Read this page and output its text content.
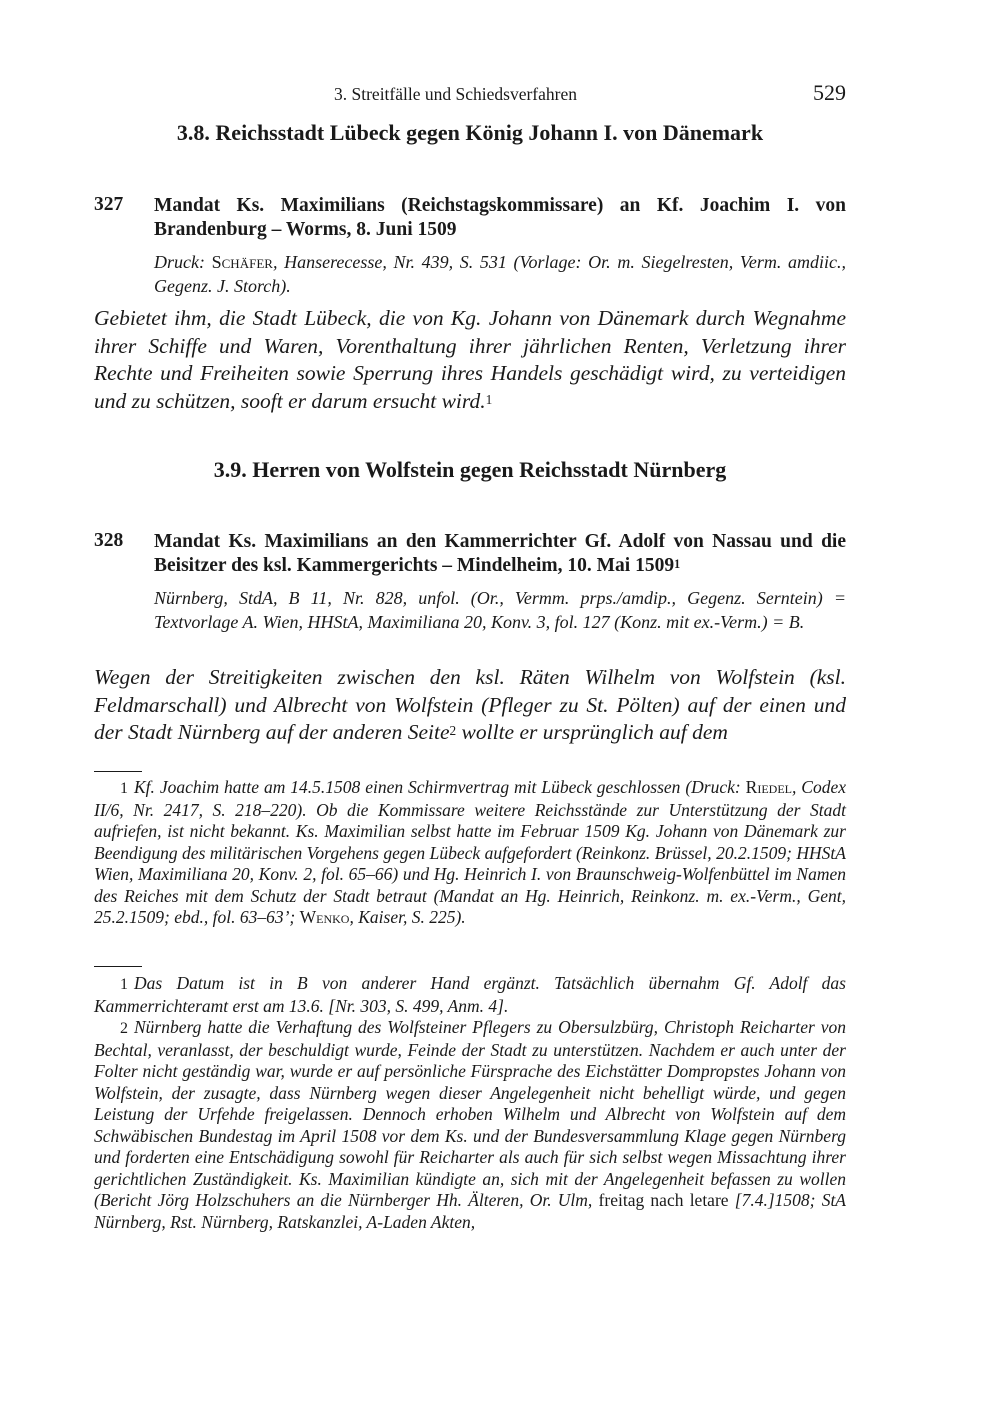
3. Streitfälle und Schiedsverfahren	529
3.8. Reichsstadt Lübeck gegen König Johann I. von Dänemark
327 Mandat Ks. Maximilians (Reichstagskommissare) an Kf. Joachim I. von Brandenburg – Worms, 8. Juni 1509
Druck: Schäfer, Hanserecesse, Nr. 439, S. 531 (Vorlage: Or. m. Siegelresten, Verm. amdiic., Gegenz. J. Storch).
Gebietet ihm, die Stadt Lübeck, die von Kg. Johann von Dänemark durch Wegnahme ihrer Schiffe und Waren, Vorenthaltung ihrer jährlichen Renten, Verletzung ihrer Rechte und Freiheiten sowie Sperrung ihres Handels geschädigt wird, zu verteidigen und zu schützen, sooft er darum ersucht wird.$^1$
3.9. Herren von Wolfstein gegen Reichsstadt Nürnberg
328 Mandat Ks. Maximilians an den Kammerrichter Gf. Adolf von Nassau und die Beisitzer des ksl. Kammergerichts – Mindelheim, 10. Mai 1509$^1$
Nürnberg, StdA, B 11, Nr. 828, unfol. (Or., Vermm. prps./amdip., Gegenz. Serntein) = Textvorlage A. Wien, HHStA, Maximiliana 20, Konv. 3, fol. 127 (Konz. mit ex.-Verm.) = B.
Wegen der Streitigkeiten zwischen den ksl. Räten Wilhelm von Wolfstein (ksl. Feldmarschall) und Albrecht von Wolfstein (Pfleger zu St. Pölten) auf der einen und der Stadt Nürnberg auf der anderen Seite$^2$ wollte er ursprünglich auf dem
1 Kf. Joachim hatte am 14.5.1508 einen Schirmvertrag mit Lübeck geschlossen (Druck: Riedel, Codex II/6, Nr. 2417, S. 218–220). Ob die Kommissare weitere Reichsstände zur Unterstützung der Stadt aufriefen, ist nicht bekannt. Ks. Maximilian selbst hatte im Februar 1509 Kg. Johann von Dänemark zur Beendigung des militärischen Vorgehens gegen Lübeck aufgefordert (Reinkonz. Brüssel, 20.2.1509; HHStA Wien, Maximiliana 20, Konv. 2, fol. 65–66) und Hg. Heinrich I. von Braunschweig-Wolfenbüttel im Namen des Reiches mit dem Schutz der Stadt betraut (Mandat an Hg. Heinrich, Reinkonz. m. ex.-Verm., Gent, 25.2.1509; ebd., fol. 63–63’; Wenko, Kaiser, S. 225).
1 Das Datum ist in B von anderer Hand ergänzt. Tatsächlich übernahm Gf. Adolf das Kammerrichteramt erst am 13.6. [Nr. 303, S. 499, Anm. 4].
2 Nürnberg hatte die Verhaftung des Wolfsteiner Pflegers zu Obersulzbürg, Christoph Reicharter von Bechtal, veranlasst, der beschuldigt wurde, Feinde der Stadt zu unterstützen. Nachdem er auch unter der Folter nicht geständig war, wurde er auf persönliche Fürsprache des Eichstätter Dompropstes Johann von Wolfstein, der zusagte, dass Nürnberg wegen dieser Angelegenheit nicht behelligt würde, und gegen Leistung der Urfehde freigelassen. Dennoch erhoben Wilhelm und Albrecht von Wolfstein auf dem Schwäbischen Bundestag im April 1508 vor dem Ks. und der Bundesversammlung Klage gegen Nürnberg und forderten eine Entschädigung sowohl für Reicharter als auch für sich selbst wegen Missachtung ihrer gerichtlichen Zuständigkeit. Ks. Maximilian kündigte an, sich mit der Angelegenheit befassen zu wollen (Bericht Jörg Holzschuhers an die Nürnberger Hh. Älteren, Or. Ulm, freitag nach letare [7.4.]1508; StA Nürnberg, Rst. Nürnberg, Ratskanzlei, A-Laden Akten,
